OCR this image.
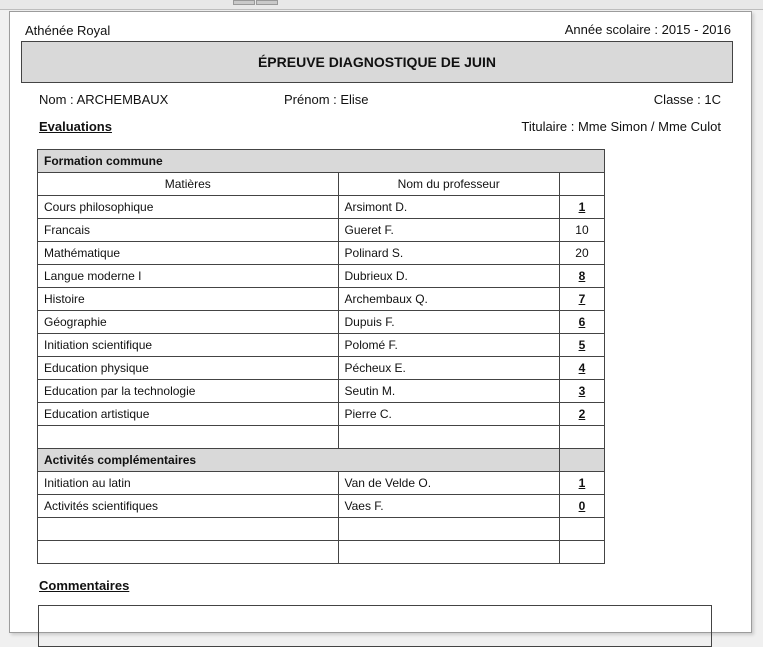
Athénée Royal	Année scolaire : 2015 - 2016
ÉPREUVE DIAGNOSTIQUE DE JUIN
Nom : ARCHEMBAUX	Prénom : Elise	Classe : 1C
Evaluations	Titulaire : Mme Simon / Mme Culot
Formation commune		
Matières	Nom du professeur	
Cours philosophique	Arsimont D.	1
Francais	Gueret F.	10
Mathématique	Polinard S.	20
Langue moderne I	Dubrieux D.	8
Histoire	Archembaux Q.	7
Géographie	Dupuis F.	6
Initiation scientifique	Polomé F.	5
Education physique	Pécheux E.	4
Education par la technologie	Seutin M.	3
Education artistique	Pierre C.	2

Activités complémentaires		
Initiation au latin	Van de Velde O.	1
Activités scientifiques	Vaes F.	0

Commentaires
